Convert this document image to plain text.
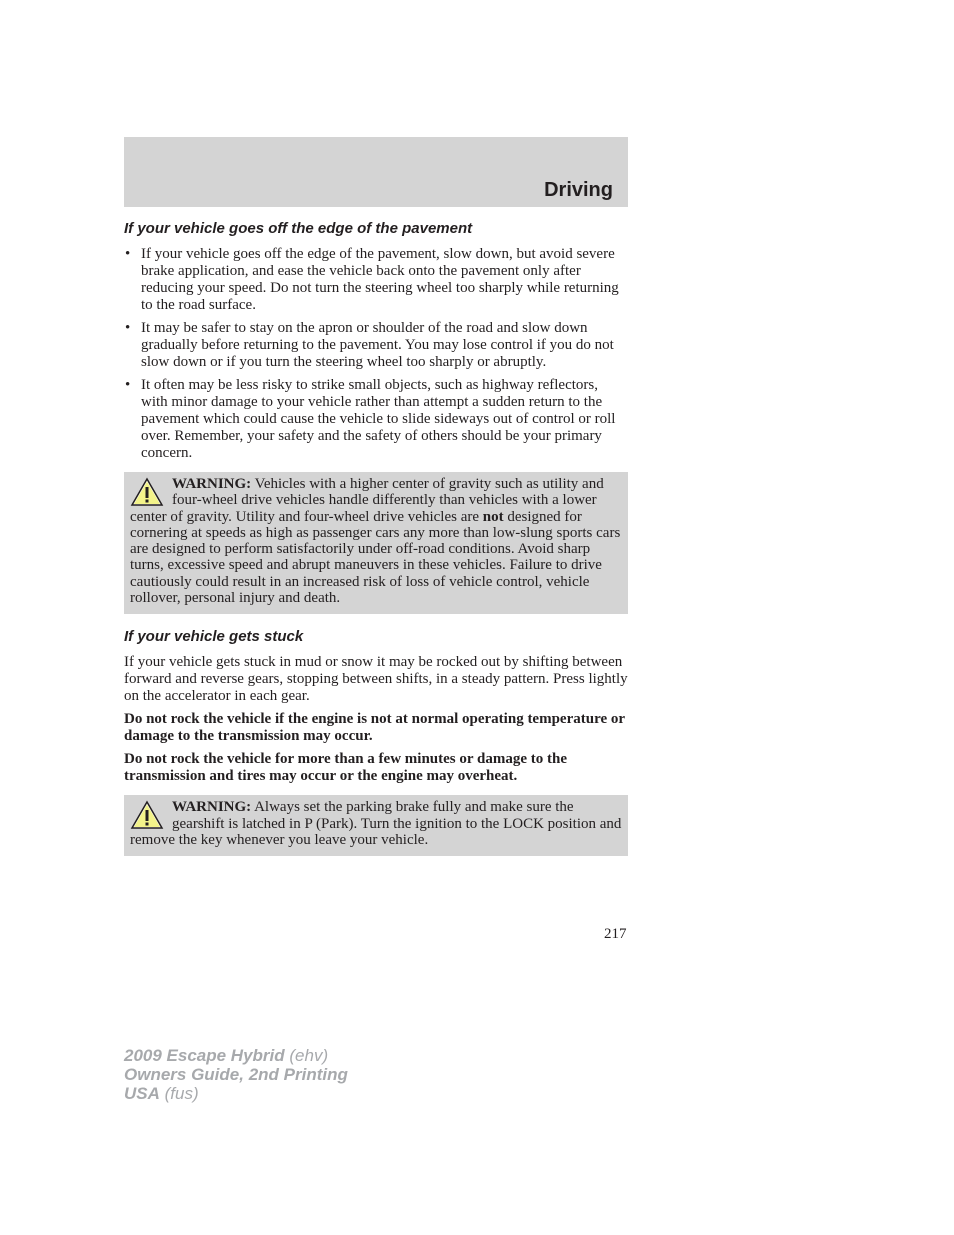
Driving
If your vehicle goes off the edge of the pavement
• If your vehicle goes off the edge of the pavement, slow down, but avoid severe brake application, and ease the vehicle back onto the pavement only after reducing your speed. Do not turn the steering wheel too sharply while returning to the road surface.
• It may be safer to stay on the apron or shoulder of the road and slow down gradually before returning to the pavement. You may lose control if you do not slow down or if you turn the steering wheel too sharply or abruptly.
• It often may be less risky to strike small objects, such as highway reflectors, with minor damage to your vehicle rather than attempt a sudden return to the pavement which could cause the vehicle to slide sideways out of control or roll over. Remember, your safety and the safety of others should be your primary concern.
WARNING: Vehicles with a higher center of gravity such as utility and four-wheel drive vehicles handle differently than vehicles with a lower center of gravity. Utility and four-wheel drive vehicles are not designed for cornering at speeds as high as passenger cars any more than low-slung sports cars are designed to perform satisfactorily under off-road conditions. Avoid sharp turns, excessive speed and abrupt maneuvers in these vehicles. Failure to drive cautiously could result in an increased risk of loss of vehicle control, vehicle rollover, personal injury and death.
If your vehicle gets stuck

If your vehicle gets stuck in mud or snow it may be rocked out by shifting between forward and reverse gears, stopping between shifts, in a steady pattern. Press lightly on the accelerator in each gear.

Do not rock the vehicle if the engine is not at normal operating temperature or damage to the transmission may occur.

Do not rock the vehicle for more than a few minutes or damage to the transmission and tires may occur or the engine may overheat.

WARNING: Always set the parking brake fully and make sure the gearshift is latched in P (Park). Turn the ignition to the LOCK position and remove the key whenever you leave your vehicle.
217
2009 Escape Hybrid (ehv)
Owners Guide, 2nd Printing
USA (fus)
